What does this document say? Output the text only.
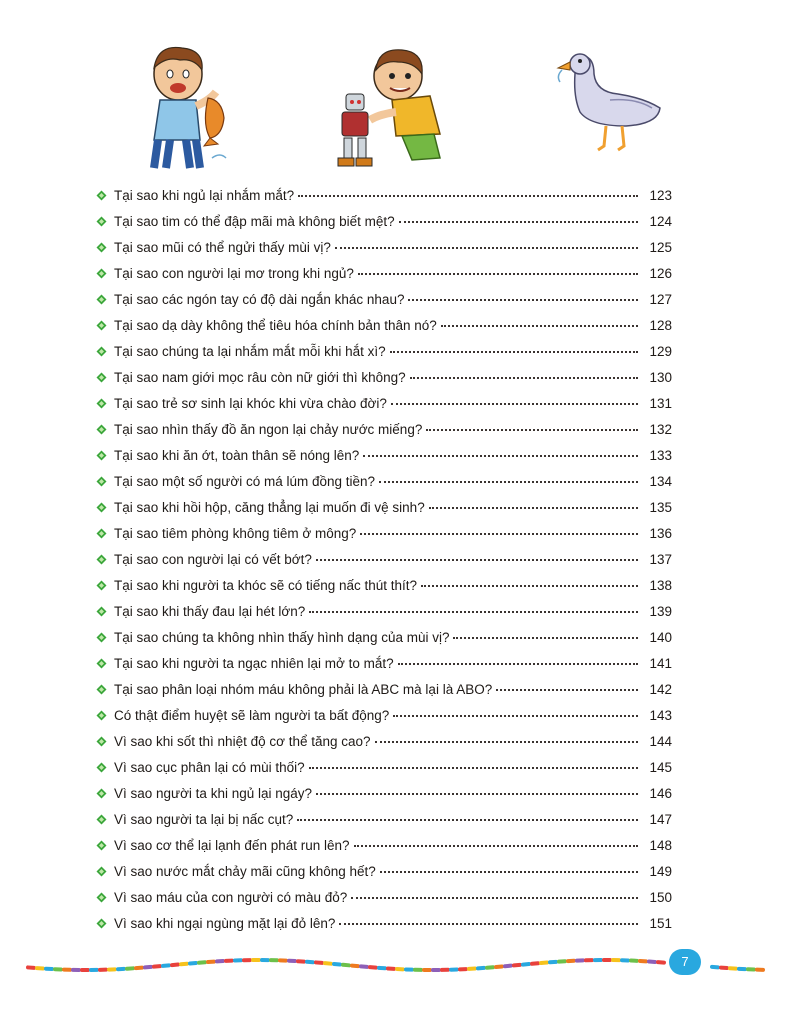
Tại sao khi ngủ lại nhắm mắt?	123
Tại sao tim có thể đập mãi mà không biết mệt?	124
Tại sao mũi có thể ngửi thấy mùi vị?	125
Tại sao con người lại mơ trong khi ngủ?	126
Tại sao các ngón tay có độ dài ngắn khác nhau?	127
Tại sao dạ dày không thể tiêu hóa chính bản thân nó?	128
Tại sao chúng ta lại nhắm mắt mỗi khi hắt xì?	129
Tại sao nam giới mọc râu còn nữ giới thì không?	130
Tại sao trẻ sơ sinh lại khóc khi vừa chào đời?	131
Tại sao nhìn thấy đồ ăn ngon lại chảy nước miếng?	132
Tại sao khi ăn ớt, toàn thân sẽ nóng lên?	133
Tại sao một số người có má lúm đồng tiền?	134
Tại sao khi hồi hộp, căng thẳng lại muốn đi vệ sinh?	135
Tại sao tiêm phòng không tiêm ở mông?	136
Tại sao con người lại có vết bớt?	137
Tại sao khi người ta khóc sẽ có tiếng nấc thút thít?	138
Tại sao khi thấy đau lại hét lớn?	139
Tại sao chúng ta không nhìn thấy hình dạng của mùi vị?	140
Tại sao khi người ta ngạc nhiên lại mở to mắt?	141
Tại sao phân loại nhóm máu không phải là ABC mà lại là ABO?	142
Có thật điểm huyệt sẽ làm người ta bất động?	143
Vì sao khi sốt thì nhiệt độ cơ thể tăng cao?	144
Vì sao cục phân lại có mùi thối?	145
Vì sao người ta khi ngủ lại ngáy?	146
Vì sao người ta lại bị nấc cụt?	147
Vì sao cơ thể lại lạnh đến phát run lên?	148
Vì sao nước mắt chảy mãi cũng không hết?	149
Vì sao máu của con người có màu đỏ?	150
Vì sao khi ngại ngùng mặt lại đỏ lên?	151
7
